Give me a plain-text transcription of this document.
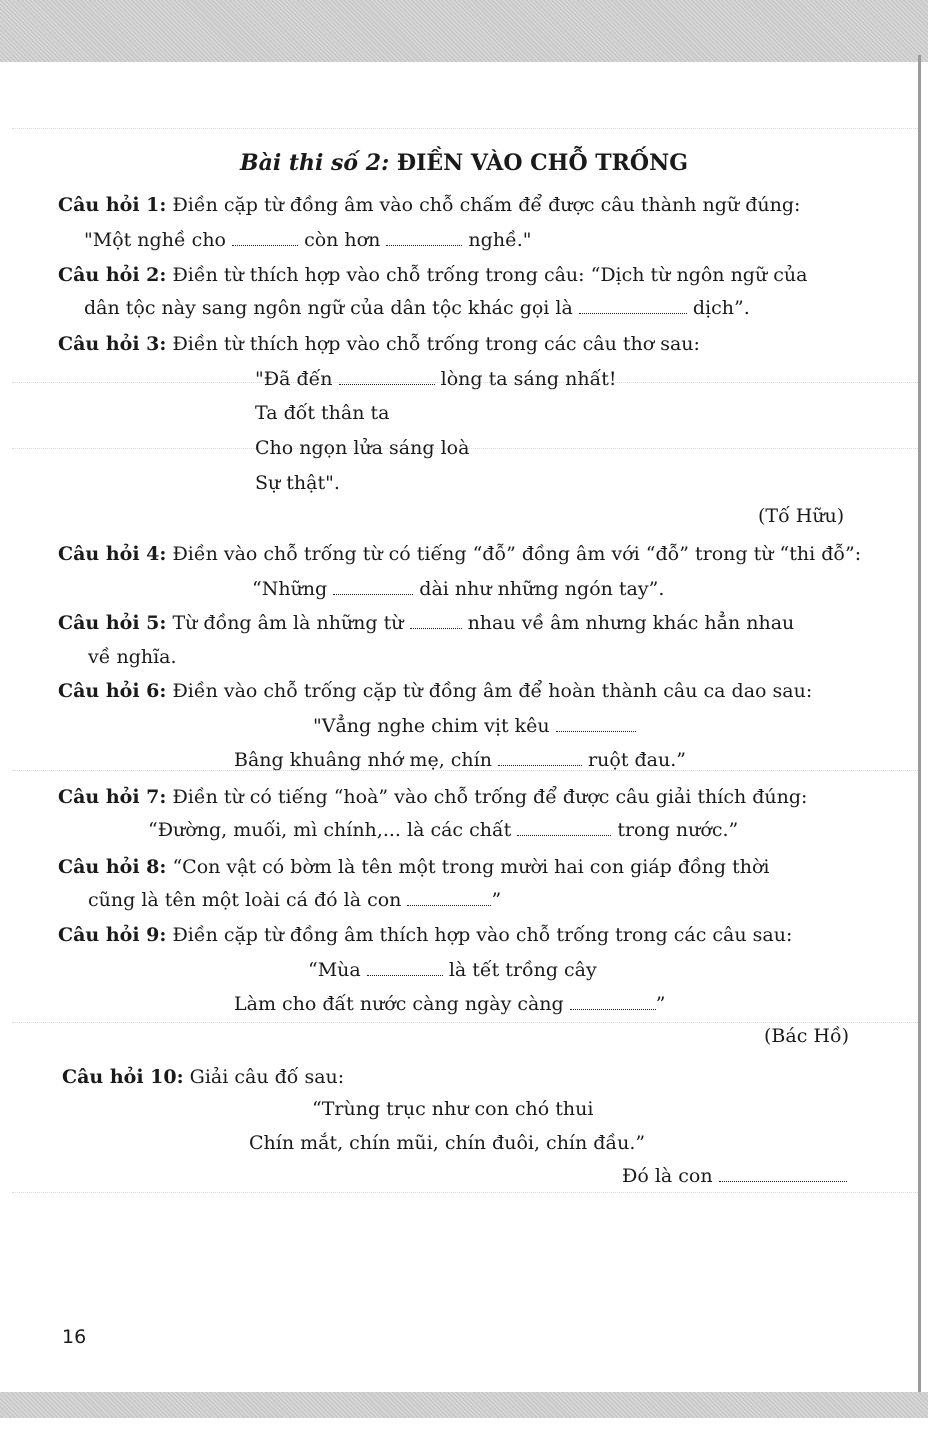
Bài thi số 2: ĐIỀN VÀO CHỖ TRỐNG
Câu hỏi 1: Điền cặp từ đồng âm vào chỗ chấm để được câu thành ngữ đúng:
"Một nghề cho	còn hơn	nghề."
Câu hỏi 2: Điền từ thích hợp vào chỗ trống trong câu: “Dịch từ ngôn ngữ của
dân tộc này sang ngôn ngữ của dân tộc khác gọi là	dịch”.
Câu hỏi 3: Điền từ thích hợp vào chỗ trống trong các câu thơ sau:
"Đã đến	lòng ta sáng nhất!
Ta đốt thân ta
Cho ngọn lửa sáng loà
Sự thật".
(Tố Hữu)
Câu hỏi 4: Điền vào chỗ trống từ có tiếng “đỗ” đồng âm với “đỗ” trong từ “thi đỗ”:
“Những	dài như những ngón tay”.
Câu hỏi 5: Từ đồng âm là những từ	nhau về âm nhưng khác hẳn nhau
về nghĩa.
Câu hỏi 6: Điền vào chỗ trống cặp từ đồng âm để hoàn thành câu ca dao sau:
"Vẳng nghe chim vịt kêu
Bâng khuâng nhớ mẹ, chín	ruột đau.”
Câu hỏi 7: Điền từ có tiếng “hoà” vào chỗ trống để được câu giải thích đúng:
“Đường, muối, mì chính,... là các chất	trong nước.”
Câu hỏi 8: “Con vật có bờm là tên một trong mười hai con giáp đồng thời
cũng là tên một loài cá đó là con	”
Câu hỏi 9: Điền cặp từ đồng âm thích hợp vào chỗ trống trong các câu sau:
“Mùa	là tết trồng cây
Làm cho đất nước càng ngày càng	”
(Bác Hồ)
Câu hỏi 10: Giải câu đố sau:
“Trùng trục như con chó thui
Chín mắt, chín mũi, chín đuôi, chín đầu.”
Đó là con
16
